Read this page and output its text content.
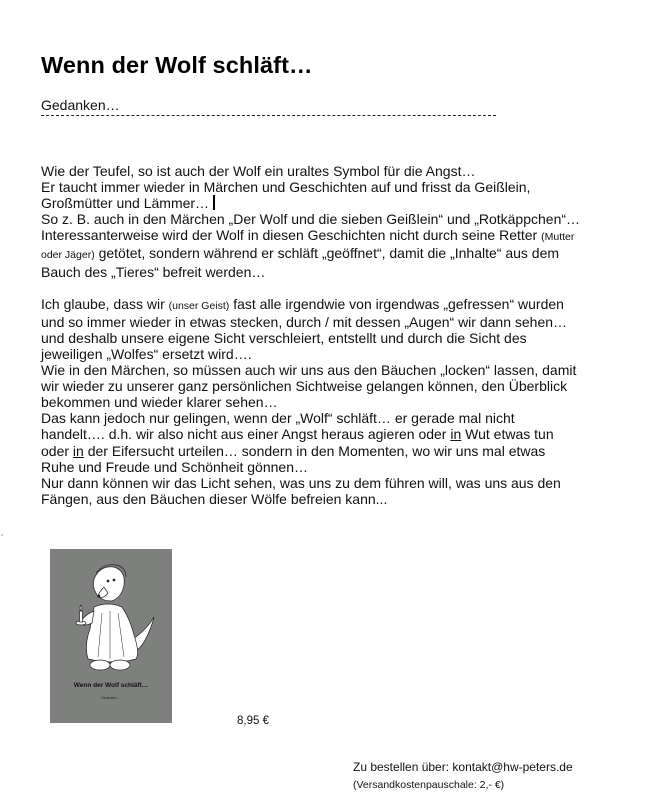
Wenn der Wolf schläft…
Gedanken…

Wie der Teufel, so ist auch der Wolf ein uraltes Symbol für die Angst…

Er taucht immer wieder in Märchen und Geschichten auf und frisst da Geißlein,

Großmütter und Lämmer…

So z. B. auch in den Märchen „Der Wolf und die sieben Geißlein“ und „Rotkäppchen“…

Interessanterweise wird der Wolf in diesen Geschichten nicht durch seine Retter (Mutter

oder Jäger) getötet, sondern während er schläft „geöffnet“, damit die „Inhalte“ aus dem

Bauch des „Tieres“ befreit werden…

Ich glaube, dass wir (unser Geist) fast alle irgendwie von irgendwas „gefressen“ wurden

und so immer wieder in etwas stecken, durch / mit dessen „Augen“ wir dann sehen…

und deshalb unsere eigene Sicht verschleiert, entstellt und durch die Sicht des

jeweiligen „Wolfes“ ersetzt wird….

Wie in den Märchen, so müssen auch wir uns aus den Bäuchen „locken“ lassen, damit

wir wieder zu unserer ganz persönlichen Sichtweise gelangen können, den Überblick

bekommen und wieder klarer sehen…

Das kann jedoch nur gelingen, wenn der „Wolf“ schläft… er gerade mal nicht

handelt…. d.h. wir also nicht aus einer Angst heraus agieren oder in Wut etwas tun

oder in der Eifersucht urteilen… sondern in den Momenten, wo wir uns mal etwas

Ruhe und Freude und Schönheit gönnen…

Nur dann können wir das Licht sehen, was uns zu dem führen will, was uns aus den

Fängen, aus den Bäuchen dieser Wölfe befreien kann...

Wenn der Wolf schläft…
Gedanken…
8,95 €
Zu bestellen über: kontakt@hw-peters.de
(Versandkostenpauschale: 2,- €)
